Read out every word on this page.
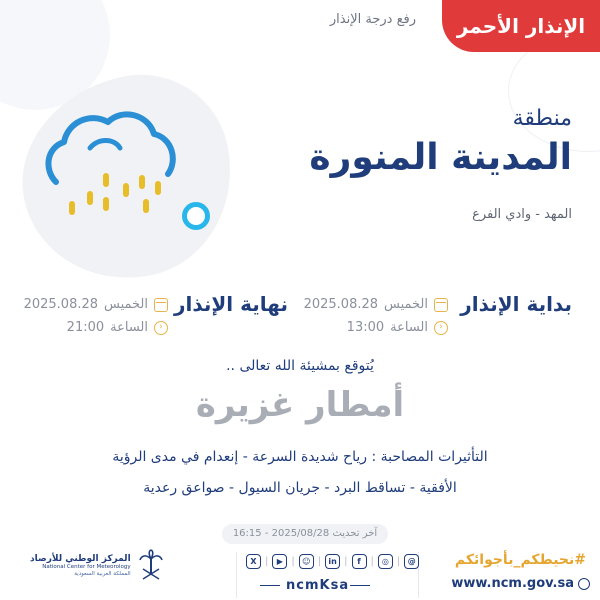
الإنذار الأحمر
رفع درجة الإنذار
منطقة
المدينة المنورة
المهد - وادي الفرع
بداية الإنذار
الخميس
2025.08.28
‹
الساعة
13:00
نهاية الإنذار
الخميس
2025.08.28
‹
الساعة
21:00
يُتوقع بمشيئة الله تعالى ..
أمطار غزيرة
التأثيرات المصاحبة : رياح شديدة السرعة - إنعدام في مدى الرؤية
الأفقية - تساقط البرد - جريان السيول - صواعق رعدية
آخر تحديث 2025/08/28 - 16:15
المركز الوطني للأرصاد
National Center for Meteorology
المملكة العربية السعودية
X |	▶ | ☺ | in |	f |	◎ | @
ncmKsa
#نحيطكم_بأجوائكم
www.ncm.gov.sa
